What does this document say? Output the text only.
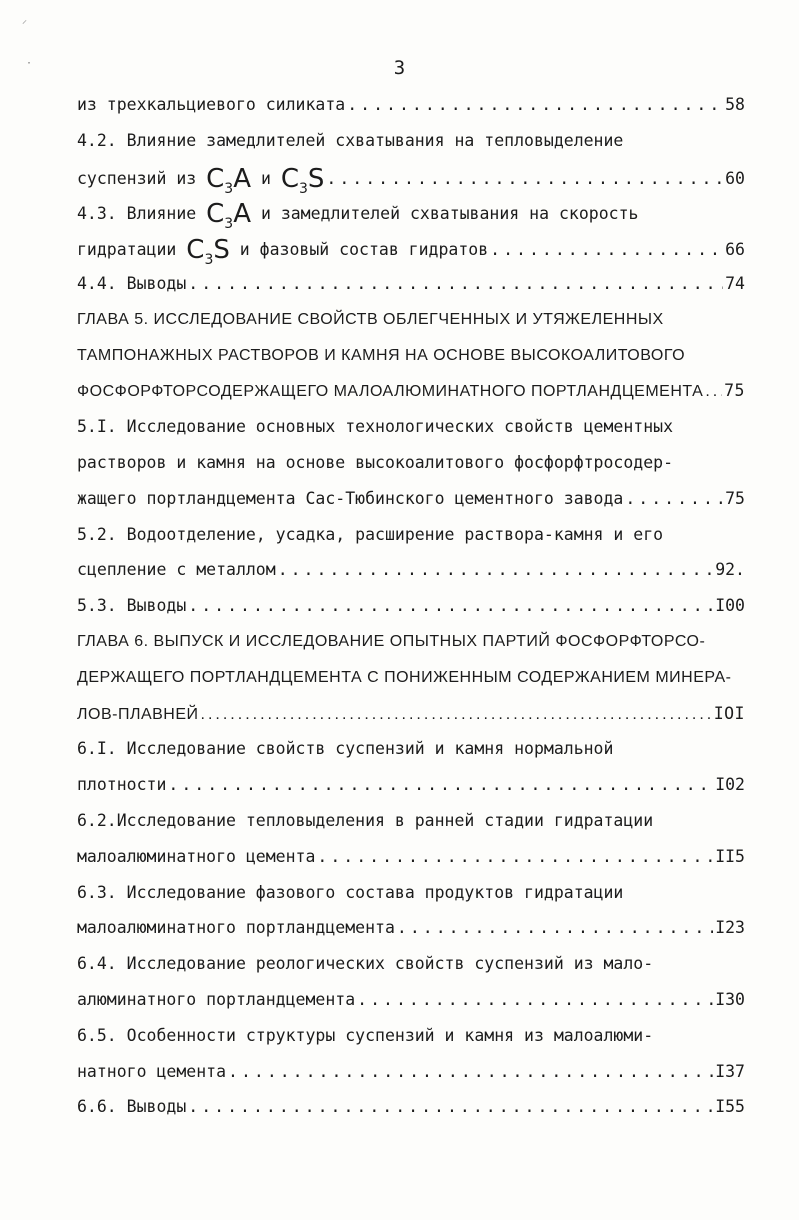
⸝
·	3
из трехкальциевого силиката .....	58
4.2. Влияние замедлителей схватывания на тепловыделение
суспензий из $C_3A$ и $C_3S$ .....	60
4.3. Влияние $C_3A$ и замедлителей схватывания на скорость
гидратации $C_3S$ и фазовый состав гидратов .....	66
4.4. Выводы .....	74
ГЛАВА 5. ИССЛЕДОВАНИЕ СВОЙСТВ ОБЛЕГЧЕННЫХ И УТЯЖЕЛЕННЫХ
ТАМПОНАЖНЫХ РАСТВОРОВ И КАМНЯ НА ОСНОВЕ ВЫСОКОАЛИТОВОГО
ФОСФОРФТОРСОДЕРЖАЩЕГО МАЛОАЛЮМИНАТНОГО ПОРТЛАНДЦЕМЕНТА ..... 75
5.I. Исследование основных технологических свойств цементных
растворов и камня на основе высокоалитового фосфорфтросодер-
жащего портландцемента Сас-Тюбинского цементного завода .....	75
5.2. Водоотделение, усадка, расширение раствора-камня и его
сцепление с металлом .....	92.
5.3. Выводы .....	I00
ГЛАВА 6. ВЫПУСК И ИССЛЕДОВАНИЕ ОПЫТНЫХ ПАРТИЙ ФОСФОРФТОРСО-
ДЕРЖАЩЕГО ПОРТЛАНДЦЕМЕНТА С ПОНИЖЕННЫМ СОДЕРЖАНИЕМ МИНЕРА-
ЛОВ-ПЛАВНЕЙ .....	IOI
6.I. Исследование свойств суспензий и камня нормальной
плотности .....	I02
6.2.Исследование тепловыделения в ранней стадии гидратации
малоалюминатного цемента .....	II5
6.3. Исследование фазового состава продуктов гидратации
малоалюминатного портландцемента .....	I23
6.4. Исследование реологических свойств суспензий из мало-
алюминатного портландцемента .....	I30
6.5. Особенности структуры суспензий и камня из малоалюми-
натного цемента .....	I37
6.6. Выводы .....	I55
